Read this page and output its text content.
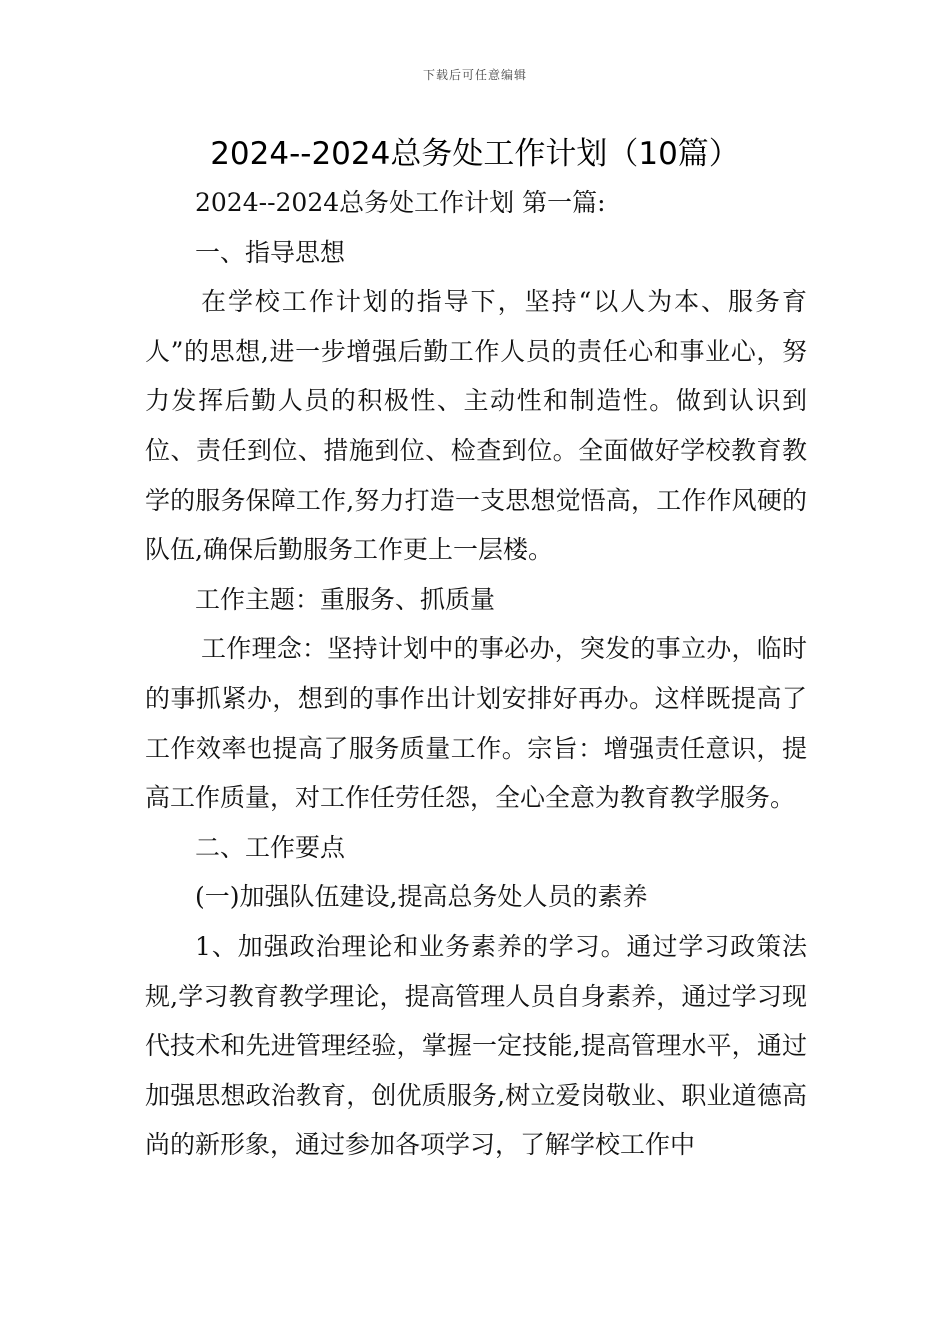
下载后可任意编辑
2024--2024总务处工作计划（10篇）

2024--2024总务处工作计划 第一篇:

一、指导思想

在学校工作计划的指导下，坚持“以人为本、服务育人”的思想,进一步增强后勤工作人员的责任心和事业心，努力发挥后勤人员的积极性、主动性和制造性。做到认识到位、责任到位、措施到位、检查到位。全面做好学校教育教学的服务保障工作,努力打造一支思想觉悟高，工作作风硬的队伍,确保后勤服务工作更上一层楼。

工作主题：重服务、抓质量

工作理念：坚持计划中的事必办，突发的事立办，临时的事抓紧办，想到的事作出计划安排好再办。这样既提高了工作效率也提高了服务质量工作。宗旨：增强责任意识，提高工作质量，对工作任劳任怨，全心全意为教育教学服务。

二、工作要点

(一)加强队伍建设,提高总务处人员的素养

1、加强政治理论和业务素养的学习。通过学习政策法规,学习教育教学理论，提高管理人员自身素养，通过学习现代技术和先进管理经验，掌握一定技能,提高管理水平，通过加强思想政治教育，创优质服务,树立爱岗敬业、职业道德高尚的新形象，通过参加各项学习，了解学校工作中
